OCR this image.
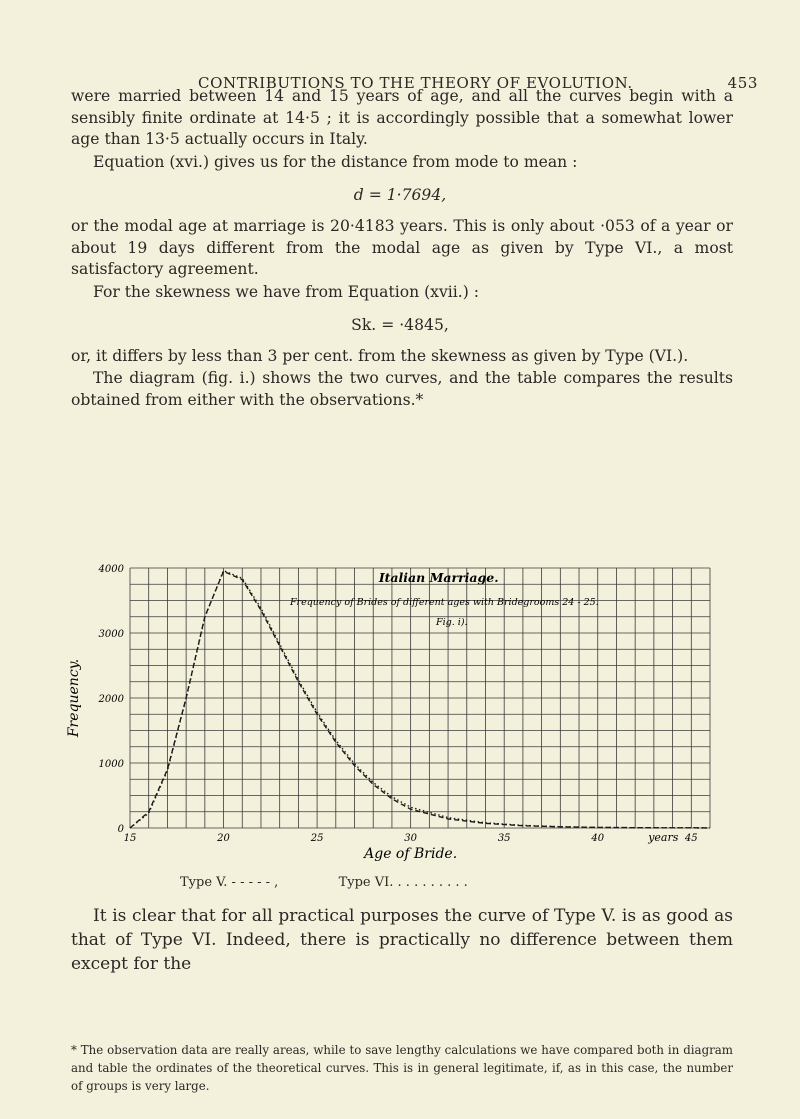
CONTRIBUTIONS TO THE THEORY OF EVOLUTION.	453
were married between 14 and 15 years of age, and all the curves begin with a sensibly finite ordinate at 14·5 ; it is accordingly possible that a somewhat lower age than 13·5 actually occurs in Italy.
Equation (xvi.) gives us for the distance from mode to mean :
d = 1·7694,
or the modal age at marriage is 20·4183 years. This is only about ·053 of a year or about 19 days different from the modal age as given by Type VI., a most satisfactory agreement.
For the skewness we have from Equation (xvii.) :
Sk. = ·4845,
or, it differs by less than 3 per cent. from the skewness as given by Type (VI.).
The diagram (fig. i.) shows the two curves, and the table compares the results obtained from either with the observations.*
0
1000
2000
3000
4000
15	20	25	30	35	40	45
years
Age of Bride.
Frequency.
Italian Marriage.
Frequency of Brides of different ages with Bridegrooms 24 - 25.
Fig. i).
Type V. - - - - - ,	Type VI. . . . . . . . . .
It is clear that for all practical purposes the curve of Type V. is as good as that of Type VI. Indeed, there is practically no difference between them except for the
* The observation data are really areas, while to save lengthy calculations we have compared both in diagram and table the ordinates of the theoretical curves. This is in general legitimate, if, as in this case, the number of groups is very large.
